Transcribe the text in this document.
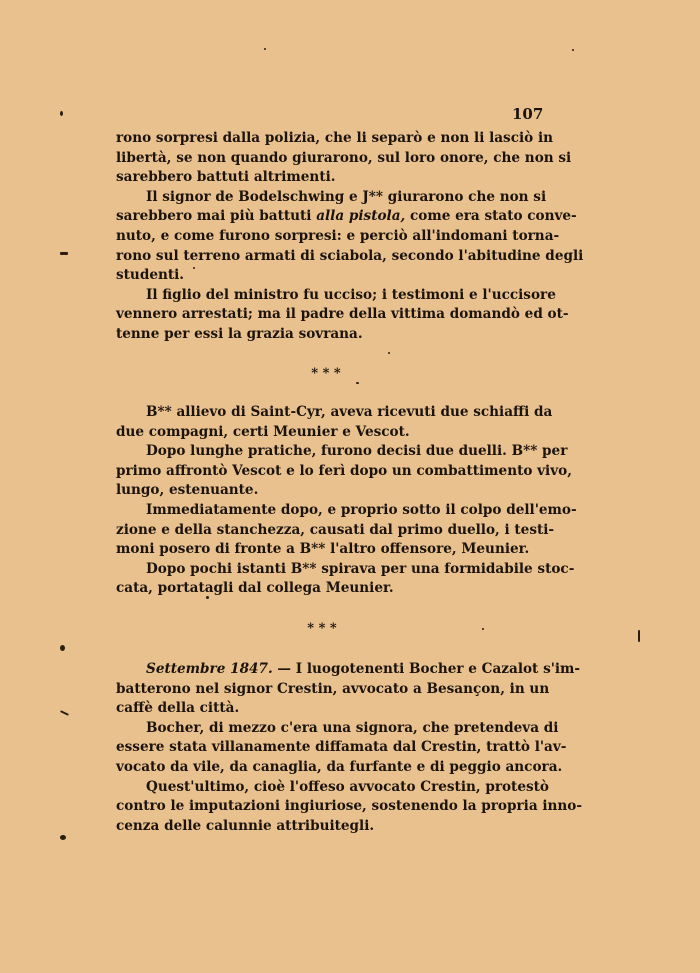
107
rono sorpresi dalla polizia, che li separò e non li lasciò in
libertà, se non quando giurarono, sul loro onore, che non si
sarebbero battuti altrimenti.
Il signor de Bodelschwing e J** giurarono che non si
sarebbero mai più battuti alla pistola, come era stato conve-
nuto, e come furono sorpresi: e perciò all'indomani torna-
rono sul terreno armati di sciabola, secondo l'abitudine degli
studenti.
Il figlio del ministro fu ucciso; i testimoni e l'uccisore
vennero arrestati; ma il padre della vittima domandò ed ot-
tenne per essi la grazia sovrana.
* * *
B** allievo di Saint-Cyr, aveva ricevuti due schiaffi da
due compagni, certi Meunier e Vescot.
Dopo lunghe pratiche, furono decisi due duelli. B** per
primo affrontò Vescot e lo ferì dopo un combattimento vivo,
lungo, estenuante.
Immediatamente dopo, e proprio sotto il colpo dell'emo-
zione e della stanchezza, causati dal primo duello, i testi-
moni posero di fronte a B** l'altro offensore, Meunier.
Dopo pochi istanti B** spirava per una formidabile stoc-
cata, portatagli dal collega Meunier.
* * *
Settembre 1847. — I luogotenenti Bocher e Cazalot s'im-
batterono nel signor Crestin, avvocato a Besançon, in un
caffè della città.
Bocher, di mezzo c'era una signora, che pretendeva di
essere stata villanamente diffamata dal Crestin, trattò l'av-
vocato da vile, da canaglia, da furfante e di peggio ancora.
Quest'ultimo, cioè l'offeso avvocato Crestin, protestò
contro le imputazioni ingiuriose, sostenendo la propria inno-
cenza delle calunnie attribuitegli.
